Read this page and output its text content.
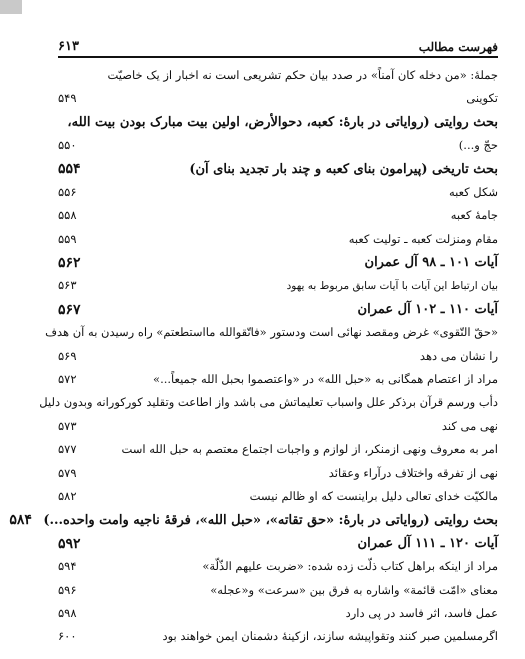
فهرست مطالب
۶۱۳
جملهٔ: «من دخله کان آمناً» در صدد بیان حکم تشریعی است نه اخبار از یک خاصیّت
تکوینی
۵۴۹
بحث روایتی (روایاتی در بارهٔ: کعبه، دحوالأرض، اولین بیت مبارک بودن بیت الله،
حجّ و...)
۵۵۰
بحث تاریخی (پیرامون بنای کعبه و چند بار تجدید بنای آن)
۵۵۴
شکل کعبه
۵۵۶
جامهٔ کعبه
۵۵۸
مقام ومنزلت کعبه ـ تولیت کعبه
۵۵۹
آیات ۱۰۱ ـ ۹۸ آل عمران
۵۶۲
بیان ارتباط این آیات با آیات سابق مربوط به یهود
۵۶۳
آیات ۱۱۰ ـ ۱۰۲ آل عمران
۵۶۷
«حقّ التّقوی» غرض ومقصد نهائی است ودستور «فاتّقوالله مااستطعتم» راه رسیدن به آن هدف
را نشان می دهد
۵۶۹
مراد از اعتصام همگانی به «حبل الله» در «واعتصموا بحبل الله جمیعاً...»
۵۷۲
دأب ورسم قرآن برذکر علل واسباب تعلیماتش می باشد واز اطاعت وتقلید کورکورانه وبدون دلیل
نهی می کند
۵۷۳
امر به معروف ونهی ازمنکر، از لوازم و واجبات اجتماع معتصم به حبل الله است
۵۷۷
نهی از تفرقه واختلاف درآراء وعقائد
۵۷۹
مالکیّت خدای تعالی دلیل براینست که او ظالم نیست
۵۸۲
بحث روایتی (روایاتی در بارهٔ: «حق تقاته»، «حبل الله»، فرقهٔ ناجیه وامت واحده...)
۵۸۴
آیات ۱۲۰ ـ ۱۱۱ آل عمران
۵۹۲
مراد از اینکه براهل کتاب ذلّت زده شده: «ضربت علیهم الذّلّة»
۵۹۴
معنای «امّت قائمة» واشاره به فرق بین «سرعت» و«عجله»
۵۹۶
عمل فاسد، اثر فاسد در پی دارد
۵۹۸
اگرمسلمین صبر کنند وتقواپیشه سازند، ازکینهٔ دشمنان ایمن خواهند بود
۶۰۰
